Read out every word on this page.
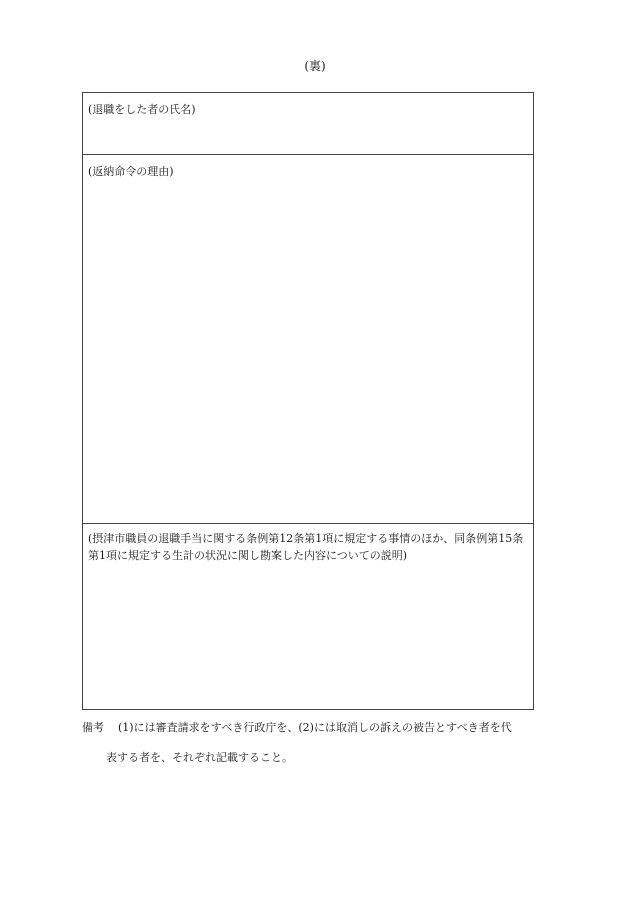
(裏)
(退職をした者の氏名)
(返納命令の理由)
(摂津市職員の退職手当に関する条例第12条第1項に規定する事情のほか、同条例第15条第1項に規定する生計の状況に関し勘案した内容についての説明)
備考 (1)には審査請求をすべき行政庁を、(2)には取消しの訴えの被告とすべき者を代
表する者を、それぞれ記載すること。
